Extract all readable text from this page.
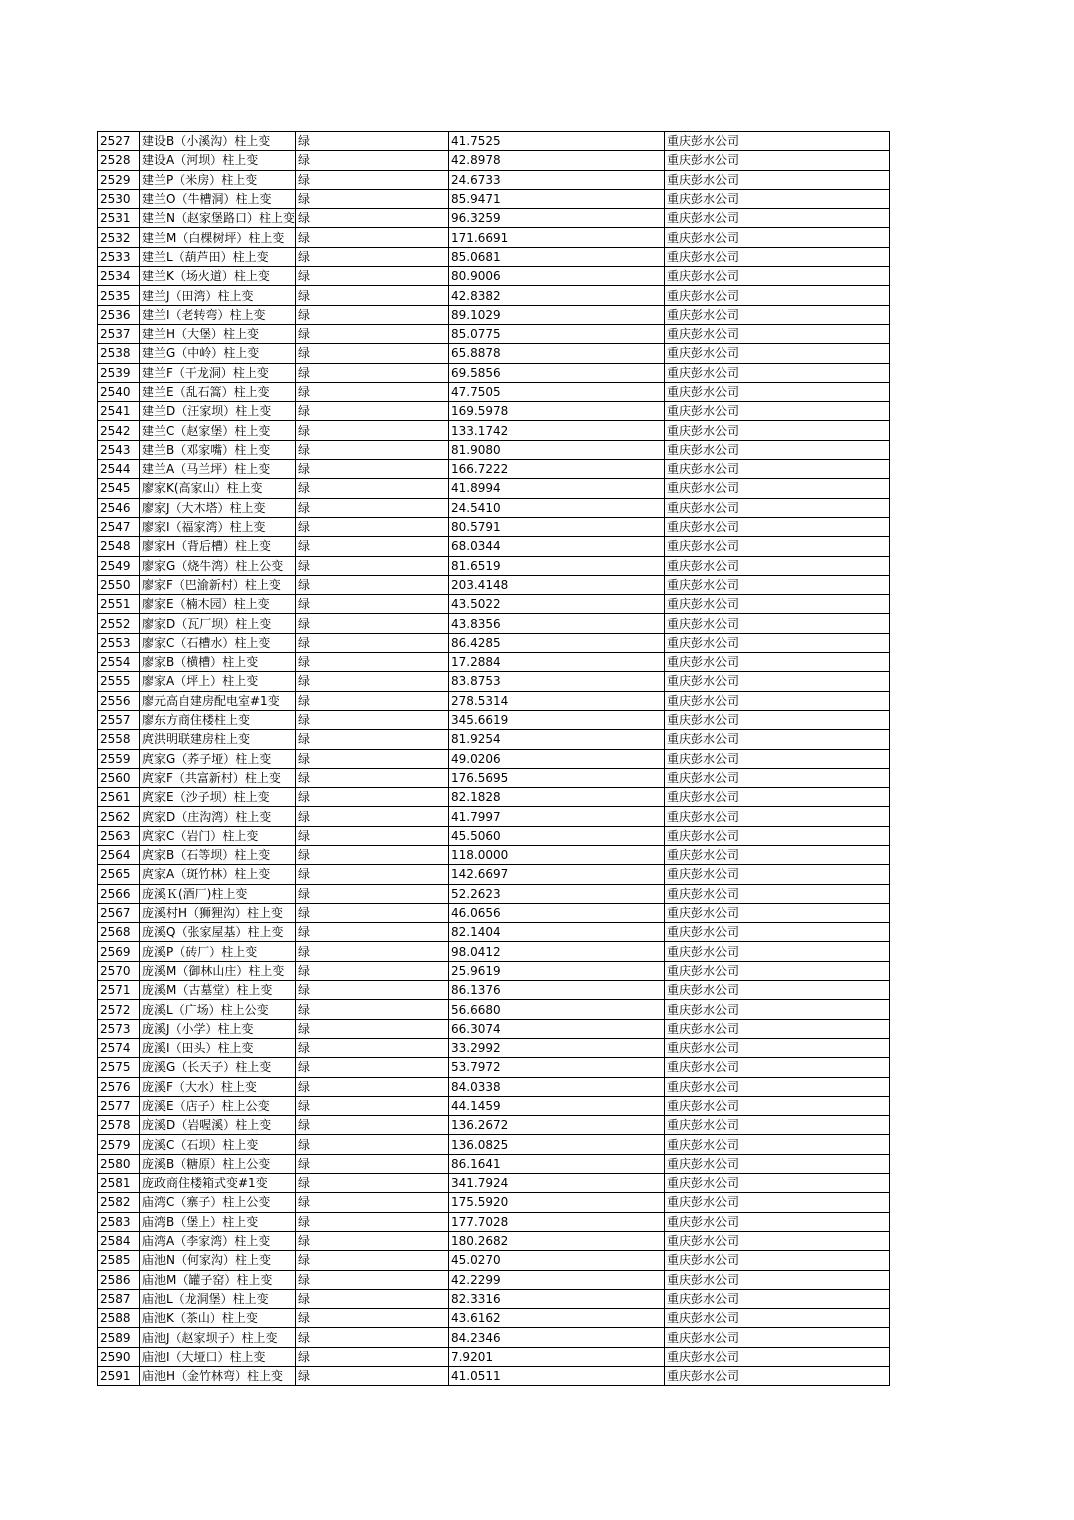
2527	建设B（小溪沟）柱上变	绿	41.7525	重庆彭水公司
2528	建设A（河坝）柱上变	绿	42.8978	重庆彭水公司
2529	建兰P（米房）柱上变	绿	24.6733	重庆彭水公司
2530	建兰O（牛槽洞）柱上变	绿	85.9471	重庆彭水公司
2531	建兰N（赵家堡路口）柱上变	绿	96.3259	重庆彭水公司
2532	建兰M（白棵树坪）柱上变	绿	171.6691	重庆彭水公司
2533	建兰L（葫芦田）柱上变	绿	85.0681	重庆彭水公司
2534	建兰K（场火道）柱上变	绿	80.9006	重庆彭水公司
2535	建兰J（田湾）柱上变	绿	42.8382	重庆彭水公司
2536	建兰I（老转弯）柱上变	绿	89.1029	重庆彭水公司
2537	建兰H（大堡）柱上变	绿	85.0775	重庆彭水公司
2538	建兰G（中岭）柱上变	绿	65.8878	重庆彭水公司
2539	建兰F（干龙洞）柱上变	绿	69.5856	重庆彭水公司
2540	建兰E（乱石篙）柱上变	绿	47.7505	重庆彭水公司
2541	建兰D（汪家坝）柱上变	绿	169.5978	重庆彭水公司
2542	建兰C（赵家堡）柱上变	绿	133.1742	重庆彭水公司
2543	建兰B（邓家嘴）柱上变	绿	81.9080	重庆彭水公司
2544	建兰A（马兰坪）柱上变	绿	166.7222	重庆彭水公司
2545	廖家K(高家山）柱上变	绿	41.8994	重庆彭水公司
2546	廖家J（大木塔）柱上变	绿	24.5410	重庆彭水公司
2547	廖家I（福家湾）柱上变	绿	80.5791	重庆彭水公司
2548	廖家H（背后槽）柱上变	绿	68.0344	重庆彭水公司
2549	廖家G（烧牛湾）柱上公变	绿	81.6519	重庆彭水公司
2550	廖家F（巴渝新村）柱上变	绿	203.4148	重庆彭水公司
2551	廖家E（楠木园）柱上变	绿	43.5022	重庆彭水公司
2552	廖家D（瓦厂坝）柱上变	绿	43.8356	重庆彭水公司
2553	廖家C（石槽水）柱上变	绿	86.4285	重庆彭水公司
2554	廖家B（横槽）柱上变	绿	17.2884	重庆彭水公司
2555	廖家A（坪上）柱上变	绿	83.8753	重庆彭水公司
2556	廖元高自建房配电室#1变	绿	278.5314	重庆彭水公司
2557	廖东方商住楼柱上变	绿	345.6619	重庆彭水公司
2558	庹洪明联建房柱上变	绿	81.9254	重庆彭水公司
2559	庹家G（荞子垭）柱上变	绿	49.0206	重庆彭水公司
2560	庹家F（共富新村）柱上变	绿	176.5695	重庆彭水公司
2561	庹家E（沙子坝）柱上变	绿	82.1828	重庆彭水公司
2562	庹家D（庄沟湾）柱上变	绿	41.7997	重庆彭水公司
2563	庹家C（岩门）柱上变	绿	45.5060	重庆彭水公司
2564	庹家B（石等坝）柱上变	绿	118.0000	重庆彭水公司
2565	庹家A（斑竹林）柱上变	绿	142.6697	重庆彭水公司
2566	庞溪Ｋ(酒厂)柱上变	绿	52.2623	重庆彭水公司
2567	庞溪村H（狮狸沟）柱上变	绿	46.0656	重庆彭水公司
2568	庞溪Q（张家屋基）柱上变	绿	82.1404	重庆彭水公司
2569	庞溪P（砖厂）柱上变	绿	98.0412	重庆彭水公司
2570	庞溪M（御林山庄）柱上变	绿	25.9619	重庆彭水公司
2571	庞溪M（古墓堂）柱上变	绿	86.1376	重庆彭水公司
2572	庞溪L（广场）柱上公变	绿	56.6680	重庆彭水公司
2573	庞溪J（小学）柱上变	绿	66.3074	重庆彭水公司
2574	庞溪I（田头）柱上变	绿	33.2992	重庆彭水公司
2575	庞溪G（长天子）柱上变	绿	53.7972	重庆彭水公司
2576	庞溪F（大水）柱上变	绿	84.0338	重庆彭水公司
2577	庞溪E（店子）柱上公变	绿	44.1459	重庆彭水公司
2578	庞溪D（岩喔溪）柱上变	绿	136.2672	重庆彭水公司
2579	庞溪C（石坝）柱上变	绿	136.0825	重庆彭水公司
2580	庞溪B（糖原）柱上公变	绿	86.1641	重庆彭水公司
2581	庞政商住楼箱式变#1变	绿	341.7924	重庆彭水公司
2582	庙湾C（寨子）柱上公变	绿	175.5920	重庆彭水公司
2583	庙湾B（堡上）柱上变	绿	177.7028	重庆彭水公司
2584	庙湾A（李家湾）柱上变	绿	180.2682	重庆彭水公司
2585	庙池N（何家沟）柱上变	绿	45.0270	重庆彭水公司
2586	庙池M（罐子窑）柱上变	绿	42.2299	重庆彭水公司
2587	庙池L（龙洞堡）柱上变	绿	82.3316	重庆彭水公司
2588	庙池K（茶山）柱上变	绿	43.6162	重庆彭水公司
2589	庙池J（赵家坝子）柱上变	绿	84.2346	重庆彭水公司
2590	庙池I（大垭口）柱上变	绿	7.9201	重庆彭水公司
2591	庙池H（金竹林弯）柱上变	绿	41.0511	重庆彭水公司
